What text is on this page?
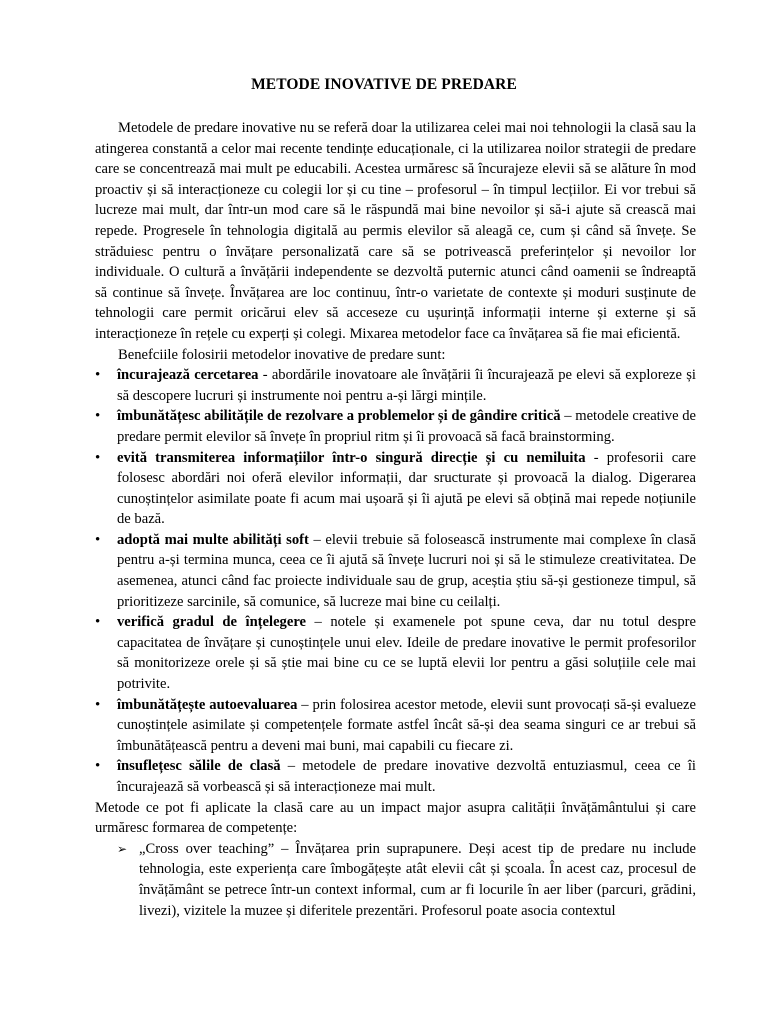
METODE INOVATIVE DE PREDARE

Metodele de predare inovative nu se referă doar la utilizarea celei mai noi tehnologii la clasă sau la atingerea constantă a celor mai recente tendințe educaționale, ci la utilizarea noilor strategii de predare care se concentrează mai mult pe educabili. Acestea urmăresc să încurajeze elevii să se alăture în mod proactiv și să interacționeze cu colegii lor și cu tine – profesorul – în timpul lecțiilor. Ei vor trebui să lucreze mai mult, dar într-un mod care să le răspundă mai bine nevoilor și să-i ajute să crească mai repede. Progresele în tehnologia digitală au permis elevilor să aleagă ce, cum și când să învețe. Se străduiesc pentru o învățare personalizată care să se potrivească preferințelor și nevoilor lor individuale. O cultură a învățării independente se dezvoltă puternic atunci când oamenii se îndreaptă să continue să învețe. Învățarea are loc continuu, într-o varietate de contexte și moduri susținute de tehnologii care permit oricărui elev să acceseze cu ușurință informații interne și externe și să interacționeze în rețele cu experți și colegi. Mixarea metodelor face ca învățarea să fie mai eficientă.

Benefciile folosirii metodelor inovative de predare sunt:

• încurajează cercetarea - abordările inovatoare ale învățării îi încurajează pe elevi să exploreze și să descopere lucruri și instrumente noi pentru a-și lărgi mințile.
• îmbunătățesc abilitățile de rezolvare a problemelor și de gândire critică – metodele creative de predare permit elevilor să învețe în propriul ritm și îi provoacă să facă brainstorming.
• evită transmiterea informațiilor într-o singură direcție și cu nemiluita - profesorii care folosesc abordări noi oferă elevilor informații, dar sructurate și provoacă la dialog. Digerarea cunoștințelor asimilate poate fi acum mai ușoară și îi ajută pe elevi să obțină mai repede noțiunile de bază.
• adoptă mai multe abilități soft – elevii trebuie să folosească instrumente mai complexe în clasă pentru a-și termina munca, ceea ce îi ajută să învețe lucruri noi și să le stimuleze creativitatea. De asemenea, atunci când fac proiecte individuale sau de grup, aceștia știu să-și gestioneze timpul, să prioritizeze sarcinile, să comunice, să lucreze mai bine cu ceilalți.
• verifică gradul de înțelegere – notele și examenele pot spune ceva, dar nu totul despre capacitatea de învățare și cunoștințele unui elev. Ideile de predare inovative le permit profesorilor să monitorizeze orele și să știe mai bine cu ce se luptă elevii lor pentru a găsi soluțiile cele mai potrivite.
• îmbunătățește autoevaluarea – prin folosirea acestor metode, elevii sunt provocați să-și evalueze cunoștințele asimilate și competențele formate astfel încât să-și dea seama singuri ce ar trebui să îmbunătățească pentru a deveni mai buni, mai capabili cu fiecare zi.
• însuflețesc sălile de clasă – metodele de predare inovative dezvoltă entuziasmul, ceea ce îi încurajează să vorbească și să interacționeze mai mult.

Metode ce pot fi aplicate la clasă care au un impact major asupra calității învățământului și care urmăresc formarea de competențe:

➢ „Cross over teaching” – Învățarea prin suprapunere. Deși acest tip de predare nu include tehnologia, este experiența care îmbogățește atât elevii cât și școala. În acest caz, procesul de învățământ se petrece într-un context informal, cum ar fi locurile în aer liber (parcuri, grădini, livezi), vizitele la muzee și diferitele prezentări. Profesorul poate asocia contextul
